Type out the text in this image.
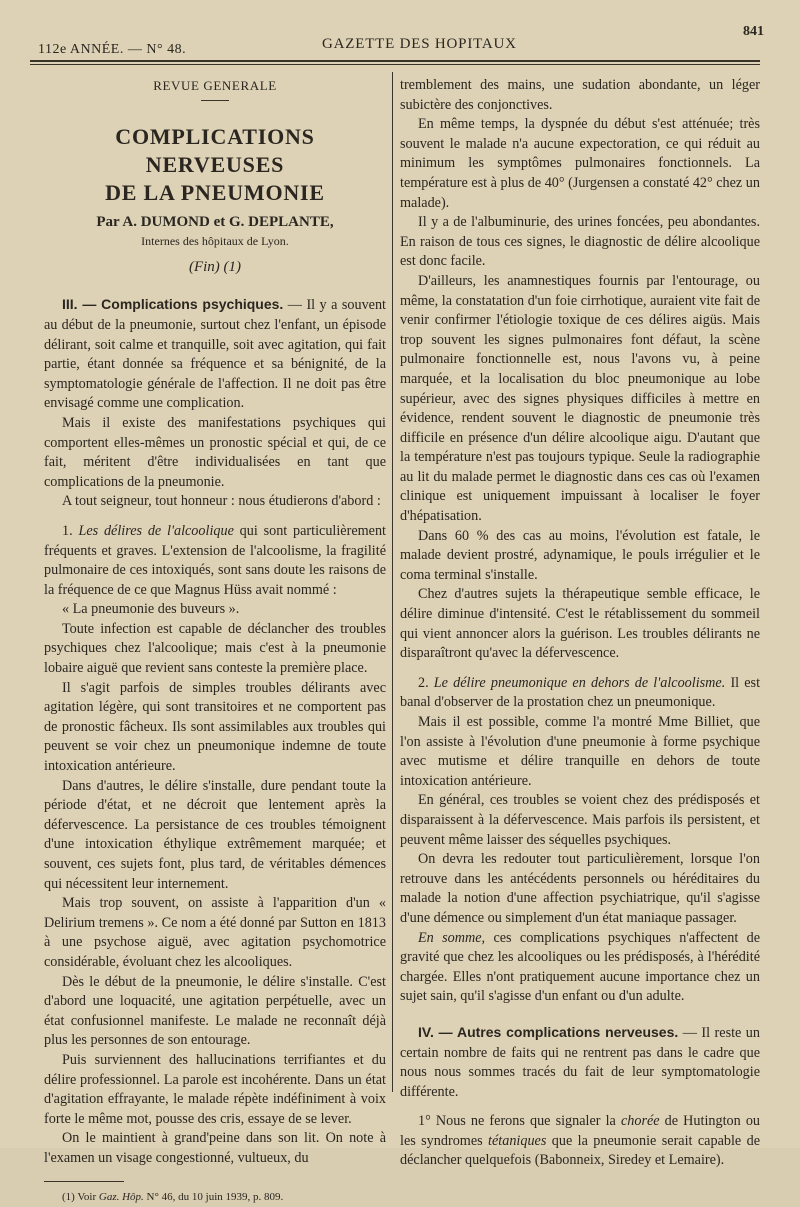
112e ANNÉE. — N° 48.	GAZETTE DES HOPITAUX
841
REVUE GENERALE
COMPLICATIONS NERVEUSES
DE LA PNEUMONIE
Par A. DUMOND et G. DEPLANTE,
Internes des hôpitaux de Lyon.
(Fin) (1)

III. — Complications psychiques. — Il y a souvent au début de la pneumonie, surtout chez l'enfant, un épisode délirant, soit calme et tranquille, soit avec agitation, qui fait partie, étant donnée sa fréquence et sa bénignité, de la symptomatologie générale de l'affection. Il ne doit pas être envisagé comme une complication.

Mais il existe des manifestations psychiques qui comportent elles-mêmes un pronostic spécial et qui, de ce fait, méritent d'être individualisées en tant que complications de la pneumonie.

A tout seigneur, tout honneur : nous étudierons d'abord :

1. Les délires de l'alcoolique qui sont particulièrement fréquents et graves. L'extension de l'alcoolisme, la fragilité pulmonaire de ces intoxiqués, sont sans doute les raisons de la fréquence de ce que Magnus Hüss avait nommé :

« La pneumonie des buveurs ».

Toute infection est capable de déclancher des troubles psychiques chez l'alcoolique; mais c'est à la pneumonie lobaire aiguë que revient sans conteste la première place.

Il s'agit parfois de simples troubles délirants avec agitation légère, qui sont transitoires et ne comportent pas de pronostic fâcheux. Ils sont assimilables aux troubles qui peuvent se voir chez un pneumonique indemne de toute intoxication antérieure.

Dans d'autres, le délire s'installe, dure pendant toute la période d'état, et ne décroit que lentement après la défervescence. La persistance de ces troubles témoignent d'une intoxication éthylique extrêmement marquée; et souvent, ces sujets font, plus tard, de véritables démences qui nécessitent leur internement.

Mais trop souvent, on assiste à l'apparition d'un « Delirium tremens ». Ce nom a été donné par Sutton en 1813 à une psychose aiguë, avec agitation psychomotrice considérable, évoluant chez les alcooliques.

Dès le début de la pneumonie, le délire s'installe. C'est d'abord une loquacité, une agitation perpétuelle, avec un état confusionnel manifeste. Le malade ne reconnaît déjà plus les personnes de son entourage.

Puis surviennent des hallucinations terrifiantes et du délire professionnel. La parole est incohérente. Dans un état d'agitation effrayante, le malade répète indéfiniment à voix forte le même mot, pousse des cris, essaye de se lever.

On le maintient à grand'peine dans son lit. On note à l'examen un visage congestionné, vultueux, du

(1) Voir Gaz. Hôp. N° 46, du 10 juin 1939, p. 809.

tremblement des mains, une sudation abondante, un léger subictère des conjonctives.

En même temps, la dyspnée du début s'est atténuée; très souvent le malade n'a aucune expectoration, ce qui réduit au minimum les symptômes pulmonaires fonctionnels. La température est à plus de 40° (Jurgensen a constaté 42° chez un malade).

Il y a de l'albuminurie, des urines foncées, peu abondantes. En raison de tous ces signes, le diagnostic de délire alcoolique est donc facile.

D'ailleurs, les anamnestiques fournis par l'entourage, ou même, la constatation d'un foie cirrhotique, auraient vite fait de venir confirmer l'étiologie toxique de ces délires aigüs. Mais trop souvent les signes pulmonaires font défaut, la scène pulmonaire fonctionnelle est, nous l'avons vu, à peine marquée, et la localisation du bloc pneumonique au lobe supérieur, avec des signes physiques difficiles à mettre en évidence, rendent souvent le diagnostic de pneumonie très difficile en présence d'un délire alcoolique aigu. D'autant que la température n'est pas toujours typique. Seule la radiographie au lit du malade permet le diagnostic dans ces cas où l'examen clinique est uniquement impuissant à localiser le foyer d'hépatisation.

Dans 60 % des cas au moins, l'évolution est fatale, le malade devient prostré, adynamique, le pouls irrégulier et le coma terminal s'installe.

Chez d'autres sujets la thérapeutique semble efficace, le délire diminue d'intensité. C'est le rétablissement du sommeil qui vient annoncer alors la guérison. Les troubles délirants ne disparaîtront qu'avec la défervescence.

2. Le délire pneumonique en dehors de l'alcoolisme. Il est banal d'observer de la prostation chez un pneumonique.

Mais il est possible, comme l'a montré Mme Billiet, que l'on assiste à l'évolution d'une pneumonie à forme psychique avec mutisme et délire tranquille en dehors de toute intoxication antérieure.

En général, ces troubles se voient chez des prédisposés et disparaissent à la défervescence. Mais parfois ils persistent, et peuvent même laisser des séquelles psychiques.

On devra les redouter tout particulièrement, lorsque l'on retrouve dans les antécédents personnels ou héréditaires du malade la notion d'une affection psychiatrique, qu'il s'agisse d'une démence ou simplement d'un état maniaque passager.

En somme, ces complications psychiques n'affectent de gravité que chez les alcooliques ou les prédisposés, à l'hérédité chargée. Elles n'ont pratiquement aucune importance chez un sujet sain, qu'il s'agisse d'un enfant ou d'un adulte.

IV. — Autres complications nerveuses. — Il reste un certain nombre de faits qui ne rentrent pas dans le cadre que nous nous sommes tracés du fait de leur symptomatologie différente.

1° Nous ne ferons que signaler la chorée de Hutington ou les syndromes tétaniques que la pneumonie serait capable de déclancher quelquefois (Babonneix, Siredey et Lemaire).
